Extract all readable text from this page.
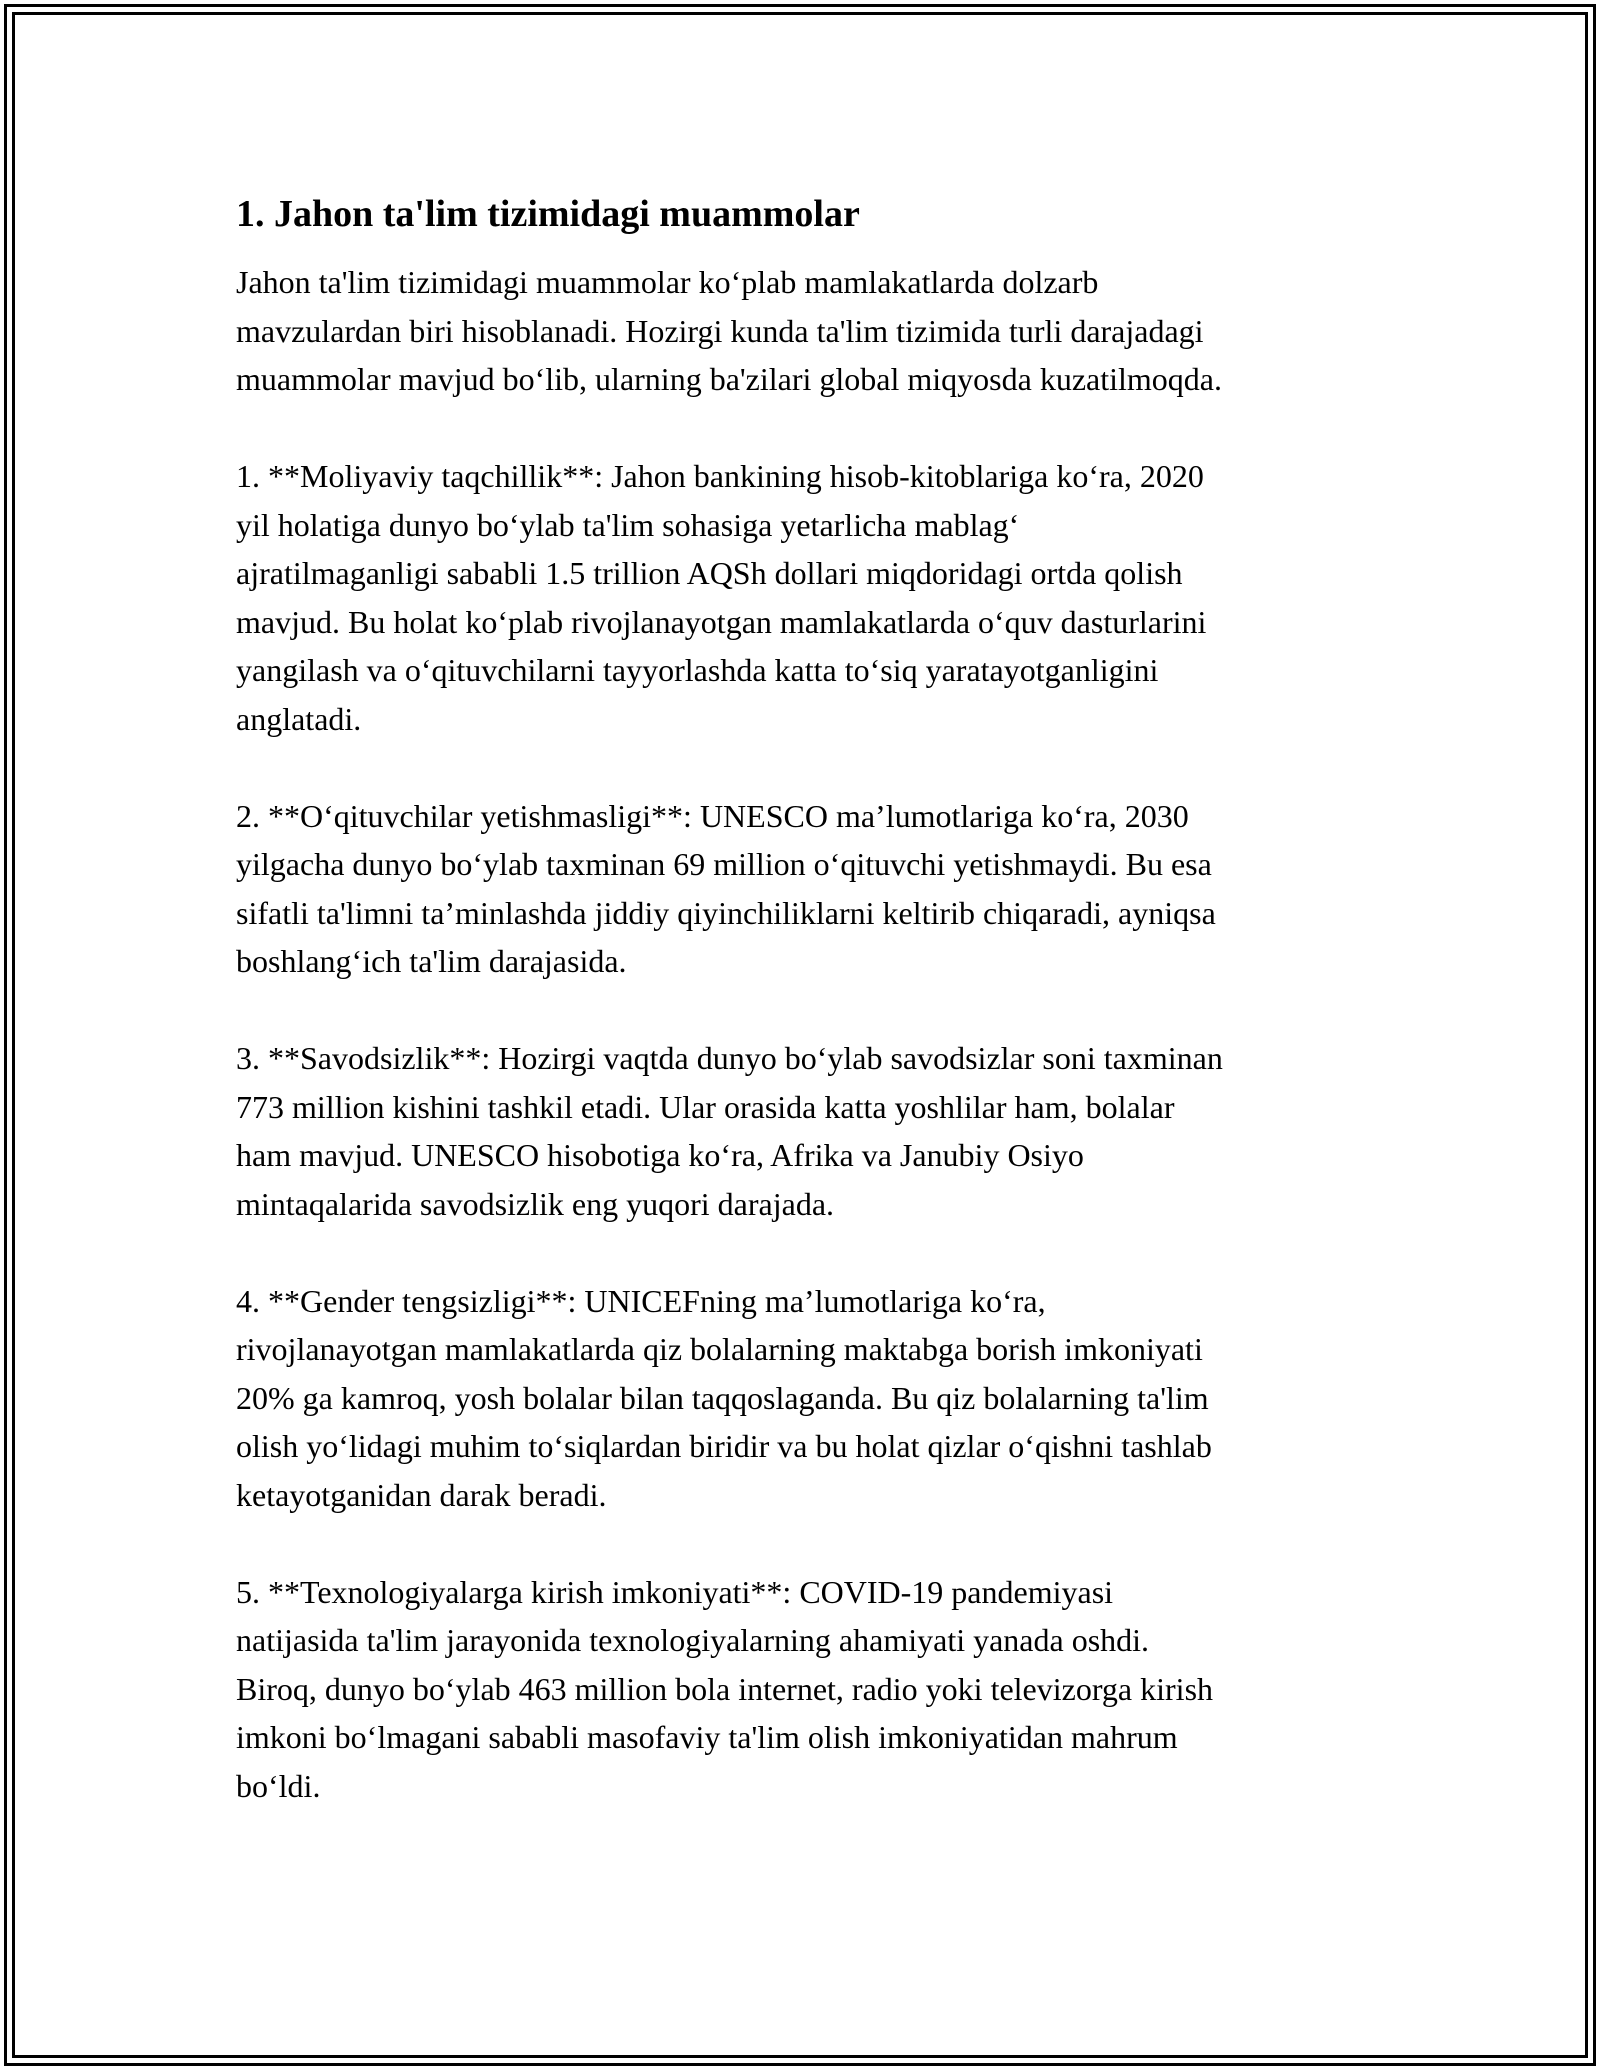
1. Jahon ta'lim tizimidagi muammolar

Jahon ta'lim tizimidagi muammolar ko‘plab mamlakatlarda dolzarb
mavzulardan biri hisoblanadi. Hozirgi kunda ta'lim tizimida turli darajadagi
muammolar mavjud bo‘lib, ularning ba'zilari global miqyosda kuzatilmoqda.

1. **Moliyaviy taqchillik**: Jahon bankining hisob-kitoblariga ko‘ra, 2020
yil holatiga dunyo bo‘ylab ta'lim sohasiga yetarlicha mablag‘
ajratilmaganligi sababli 1.5 trillion AQSh dollari miqdoridagi ortda qolish
mavjud. Bu holat ko‘plab rivojlanayotgan mamlakatlarda o‘quv dasturlarini
yangilash va o‘qituvchilarni tayyorlashda katta to‘siq yaratayotganligini
anglatadi.

2. **O‘qituvchilar yetishmasligi**: UNESCO ma’lumotlariga ko‘ra, 2030
yilgacha dunyo bo‘ylab taxminan 69 million o‘qituvchi yetishmaydi. Bu esa
sifatli ta'limni ta’minlashda jiddiy qiyinchiliklarni keltirib chiqaradi, ayniqsa
boshlang‘ich ta'lim darajasida.

3. **Savodsizlik**: Hozirgi vaqtda dunyo bo‘ylab savodsizlar soni taxminan
773 million kishini tashkil etadi. Ular orasida katta yoshlilar ham, bolalar
ham mavjud. UNESCO hisobotiga ko‘ra, Afrika va Janubiy Osiyo
mintaqalarida savodsizlik eng yuqori darajada.

4. **Gender tengsizligi**: UNICEFning ma’lumotlariga ko‘ra,
rivojlanayotgan mamlakatlarda qiz bolalarning maktabga borish imkoniyati
20% ga kamroq, yosh bolalar bilan taqqoslaganda. Bu qiz bolalarning ta'lim
olish yo‘lidagi muhim to‘siqlardan biridir va bu holat qizlar o‘qishni tashlab
ketayotganidan darak beradi.

5. **Texnologiyalarga kirish imkoniyati**: COVID-19 pandemiyasi
natijasida ta'lim jarayonida texnologiyalarning ahamiyati yanada oshdi.
Biroq, dunyo bo‘ylab 463 million bola internet, radio yoki televizorga kirish
imkoni bo‘lmagani sababli masofaviy ta'lim olish imkoniyatidan mahrum
bo‘ldi.
